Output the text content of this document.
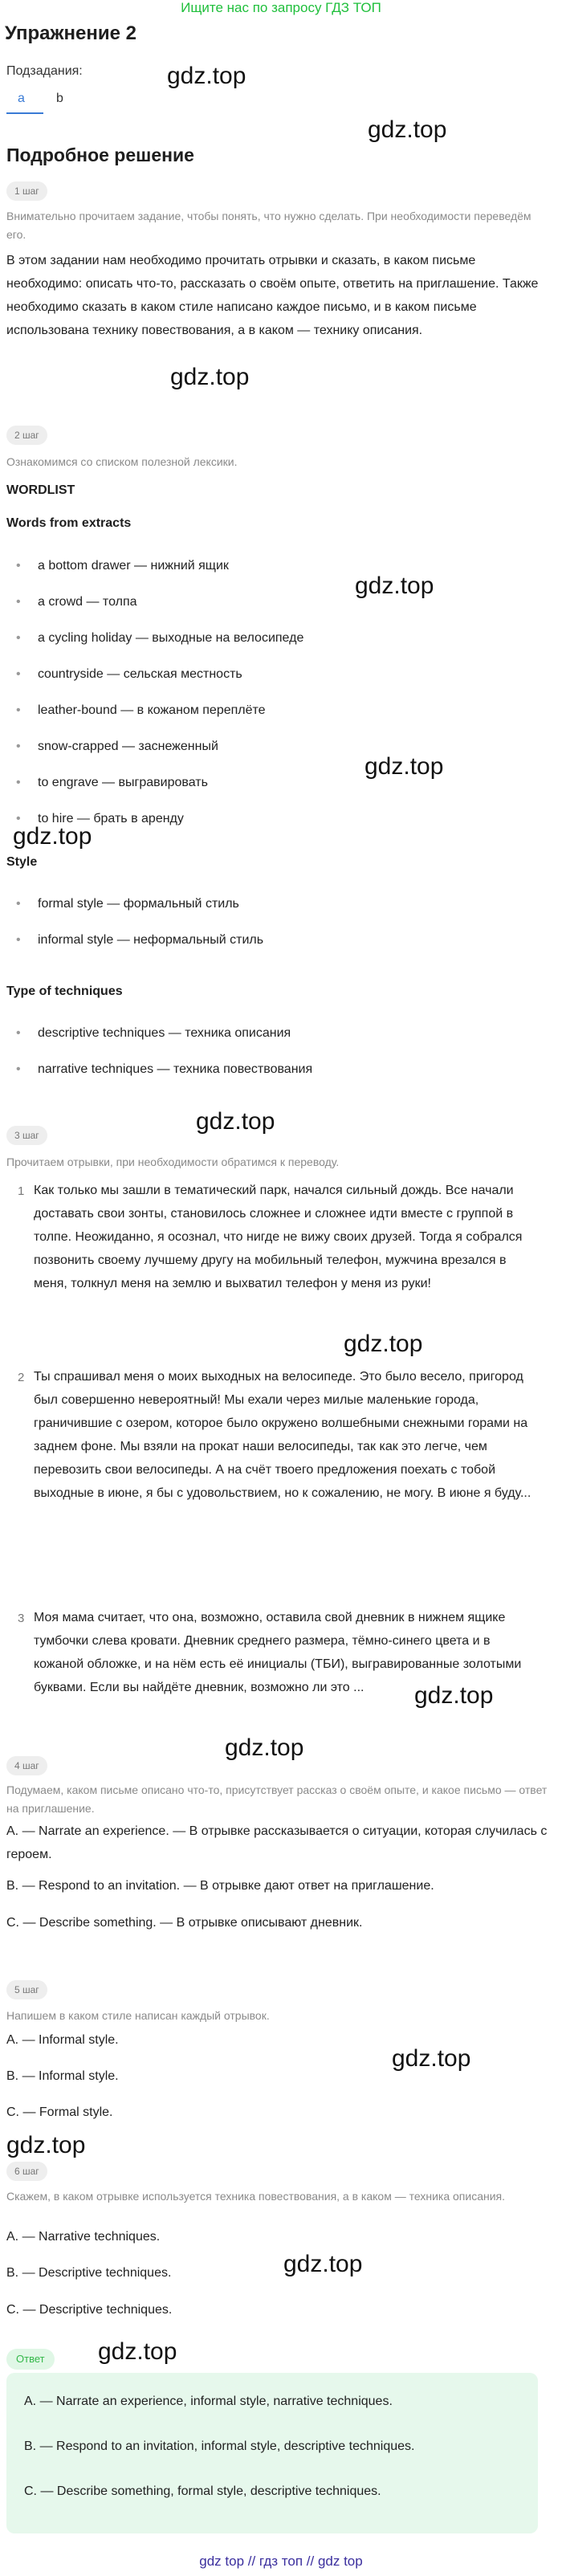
Ищите нас по запросу ГДЗ ТОП
Упражнение 2
Подзадания:
a b
Подробное решение
1 шаг
Внимательно прочитаем задание, чтобы понять, что нужно сделать. При необходимости переведём его.
В этом задании нам необходимо прочитать отрывки и сказать, в каком письме необходимо: описать что-то, рассказать о своём опыте, ответить на приглашение. Также необходимо сказать в каком стиле написано каждое письмо, и в каком письме использована технику повествования, а в каком — технику описания.
2 шаг
Ознакомимся со списком полезной лексики.
WORDLIST
Words from extracts
• a bottom drawer — нижний ящик
• a crowd — толпа
• a cycling holiday — выходные на велосипеде
• countryside — сельская местность
• leather-bound — в кожаном переплёте
• snow-crapped — заснеженный
• to engrave — выгравировать
• to hire — брать в аренду
Style
• formal style — формальный стиль
• informal style — неформальный стиль
Type of techniques
• descriptive techniques — техника описания
• narrative techniques — техника повествования
3 шаг
Прочитаем отрывки, при необходимости обратимся к переводу.
1 Как только мы зашли в тематический парк, начался сильный дождь. Все начали доставать свои зонты, становилось сложнее и сложнее идти вместе с группой в толпе. Неожиданно, я осознал, что нигде не вижу своих друзей. Тогда я собрался позвонить своему лучшему другу на мобильный телефон, мужчина врезался в меня, толкнул меня на землю и выхватил телефон у меня из руки!
2 Ты спрашивал меня о моих выходных на велосипеде. Это было весело, пригород был совершенно невероятный! Мы ехали через милые маленькие города, граничившие с озером, которое было окружено волшебными снежными горами на заднем фоне. Мы взяли на прокат наши велосипеды, так как это легче, чем перевозить свои велосипеды. А на счёт твоего предложения поехать с тобой выходные в июне, я бы с удовольствием, но к сожалению, не могу. В июне я буду...
3 Моя мама считает, что она, возможно, оставила свой дневник в нижнем ящике тумбочки слева кровати. Дневник среднего размера, тёмно-синего цвета и в кожаной обложке, и на нём есть её инициалы (ТБИ), выгравированные золотыми буквами. Если вы найдёте дневник, возможно ли это ...
4 шаг
Подумаем, каком письме описано что-то, присутствует рассказ о своём опыте, и какое письмо — ответ на приглашение.
A. — Narrate an experience. — В отрывке рассказывается о ситуации, которая случилась с героем.
B. — Respond to an invitation. — В отрывке дают ответ на приглашение.
C. — Describe something. — В отрывке описывают дневник.
5 шаг
Напишем в каком стиле написан каждый отрывок.
A. — Informal style.
B. — Informal style.
C. — Formal style.
6 шаг
Скажем, в каком отрывке используется техника повествования, а в каком — техника описания.
A. — Narrative techniques.
B. — Descriptive techniques.
C. — Descriptive techniques.
Ответ
A. — Narrate an experience, informal style, narrative techniques.
B. — Respond to an invitation, informal style, descriptive techniques.
C. — Describe something, formal style, descriptive techniques.
gdz.top
gdz.top
gdz.top
gdz.top
gdz.top
gdz.top
gdz.top
gdz.top
gdz.top
gdz.top
gdz.top
gdz.top
gdz.top
gdz.top
gdz top // гдз топ // gdz top
